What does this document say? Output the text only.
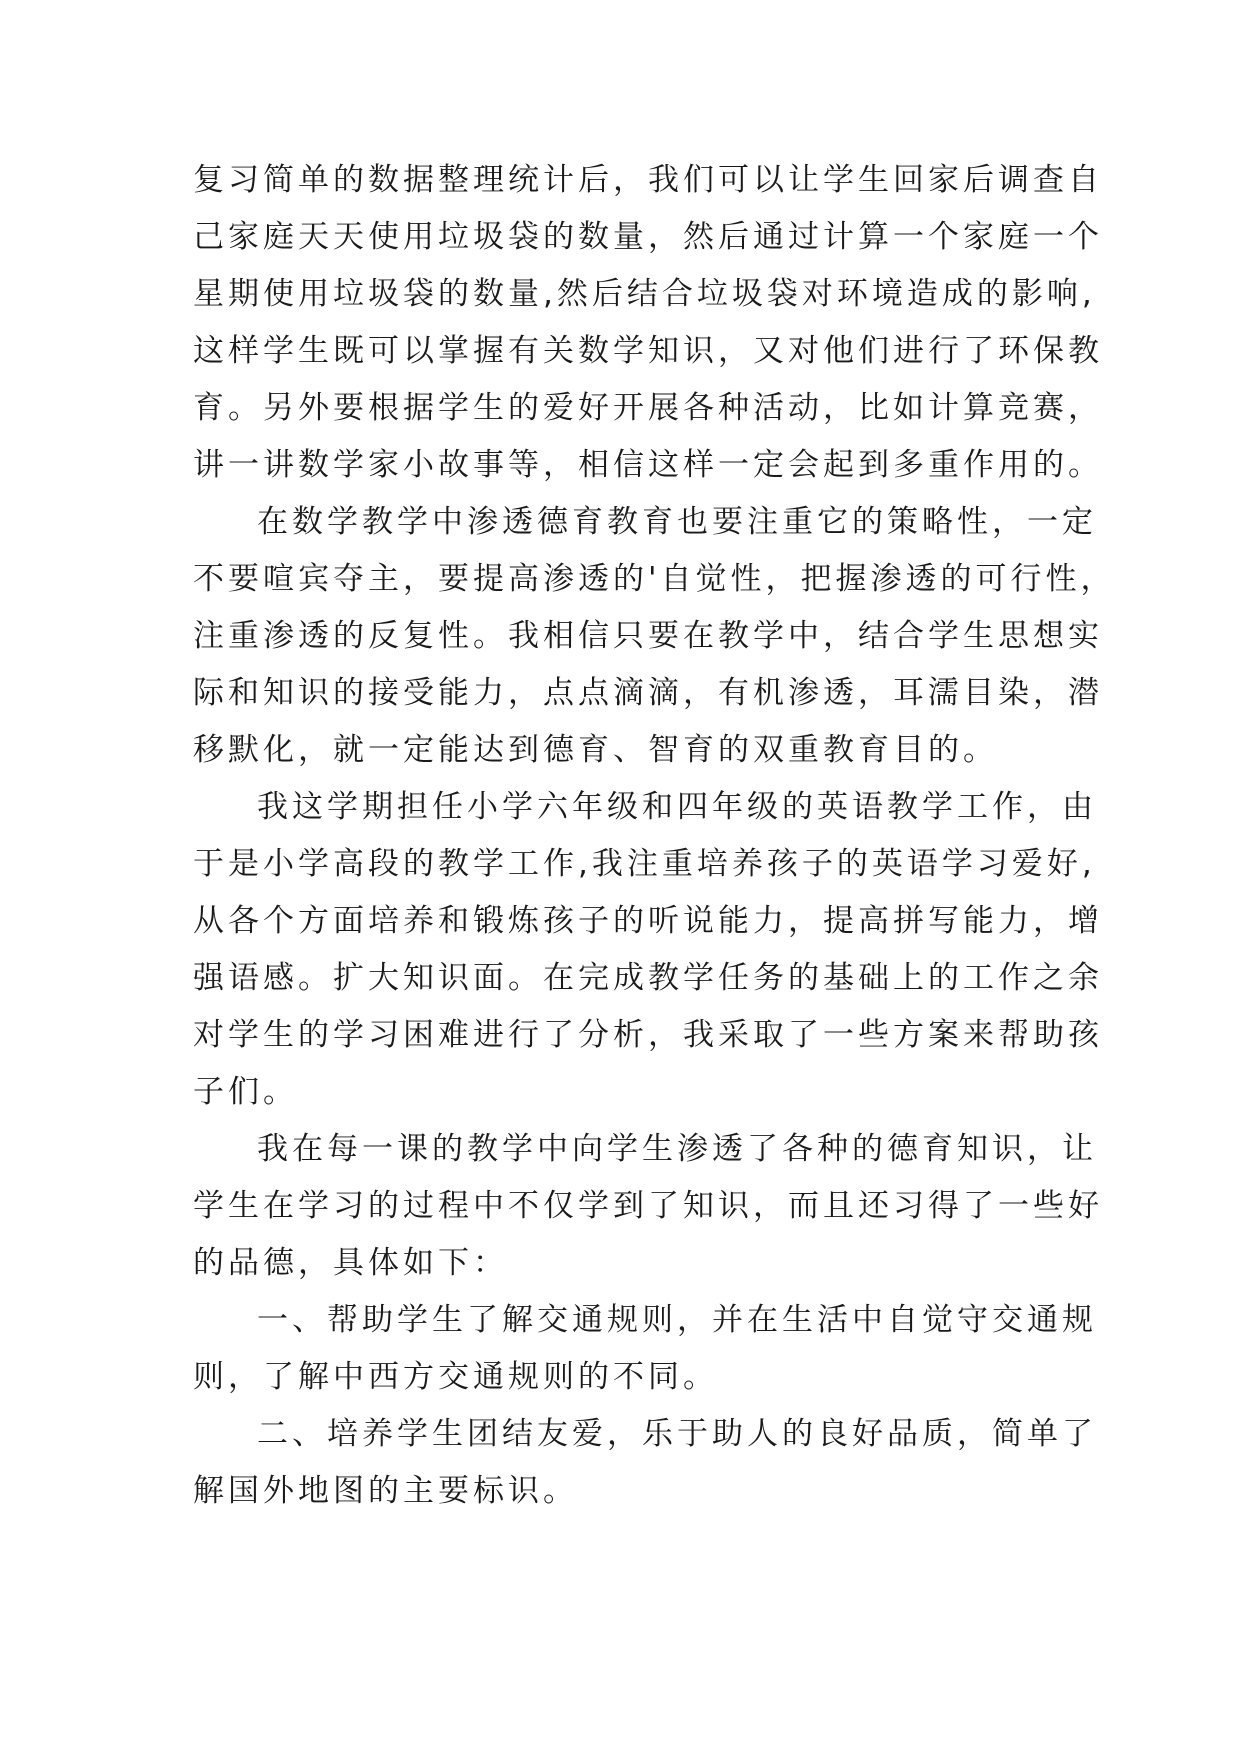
复习简单的数据整理统计后，我们可以让学生回家后调查自
己家庭天天使用垃圾袋的数量，然后通过计算一个家庭一个
星期使用垃圾袋的数量,然后结合垃圾袋对环境造成的影响,
这样学生既可以掌握有关数学知识，又对他们进行了环保教
育。另外要根据学生的爱好开展各种活动，比如计算竞赛，
讲一讲数学家小故事等，相信这样一定会起到多重作用的。
在数学教学中渗透德育教育也要注重它的策略性，一定
不要喧宾夺主，要提高渗透的'自觉性，把握渗透的可行性，
注重渗透的反复性。我相信只要在教学中，结合学生思想实
际和知识的接受能力，点点滴滴，有机渗透，耳濡目染，潜
移默化，就一定能达到德育、智育的双重教育目的。
我这学期担任小学六年级和四年级的英语教学工作，由
于是小学高段的教学工作,我注重培养孩子的英语学习爱好,
从各个方面培养和锻炼孩子的听说能力，提高拼写能力，增
强语感。扩大知识面。在完成教学任务的基础上的工作之余
对学生的学习困难进行了分析，我采取了一些方案来帮助孩
子们。
我在每一课的教学中向学生渗透了各种的德育知识，让
学生在学习的过程中不仅学到了知识，而且还习得了一些好
的品德，具体如下：
一、帮助学生了解交通规则，并在生活中自觉守交通规
则，了解中西方交通规则的不同。
二、培养学生团结友爱，乐于助人的良好品质，简单了
解国外地图的主要标识。
